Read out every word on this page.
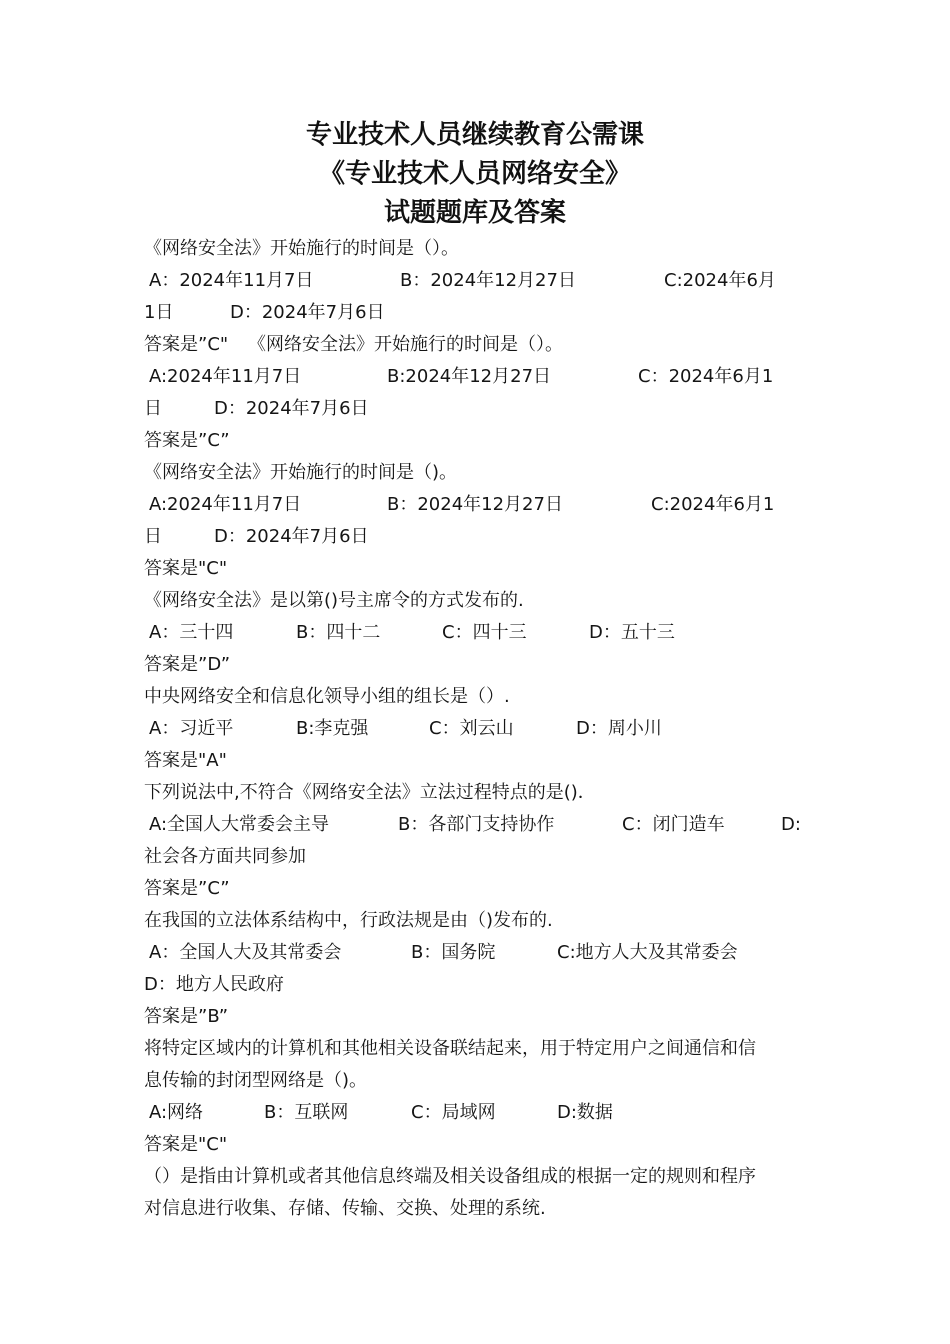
专业技术人员继续教育公需课
《专业技术人员网络安全》
试题题库及答案
《网络安全法》开始施行的时间是（）。
A：2024年11月7日	B：2024年12月27日	C:2024年6月
1日	D：2024年7月6日
答案是”C" 《网络安全法》开始施行的时间是（）。
A:2024年11月7日	B:2024年12月27日	C：2024年6月1
日	D：2024年7月6日
答案是”C”
《网络安全法》开始施行的时间是（)。
A:2024年11月7日	B：2024年12月27日	C:2024年6月1
日	D：2024年7月6日
答案是"C"
《网络安全法》是以第()号主席令的方式发布的.
A：三十四	B：四十二	C：四十三	D：五十三
答案是”D”
中央网络安全和信息化领导小组的组长是（）.
A：习近平	B:李克强	C：刘云山	D：周小川
答案是"A"
下列说法中,不符合《网络安全法》立法过程特点的是()．
A:全国人大常委会主导	B：各部门支持协作	C：闭门造车	D:
社会各方面共同参加
答案是”C”
在我国的立法体系结构中，行政法规是由（)发布的.
A：全国人大及其常委会	B：国务院	C:地方人大及其常委会
D：地方人民政府
答案是”B”
将特定区域内的计算机和其他相关设备联结起来，用于特定用户之间通信和信
息传输的封闭型网络是（)。
A:网络	B：互联网	C：局域网	D:数据
答案是"C"
（）是指由计算机或者其他信息终端及相关设备组成的根据一定的规则和程序
对信息进行收集、存储、传输、交换、处理的系统.
